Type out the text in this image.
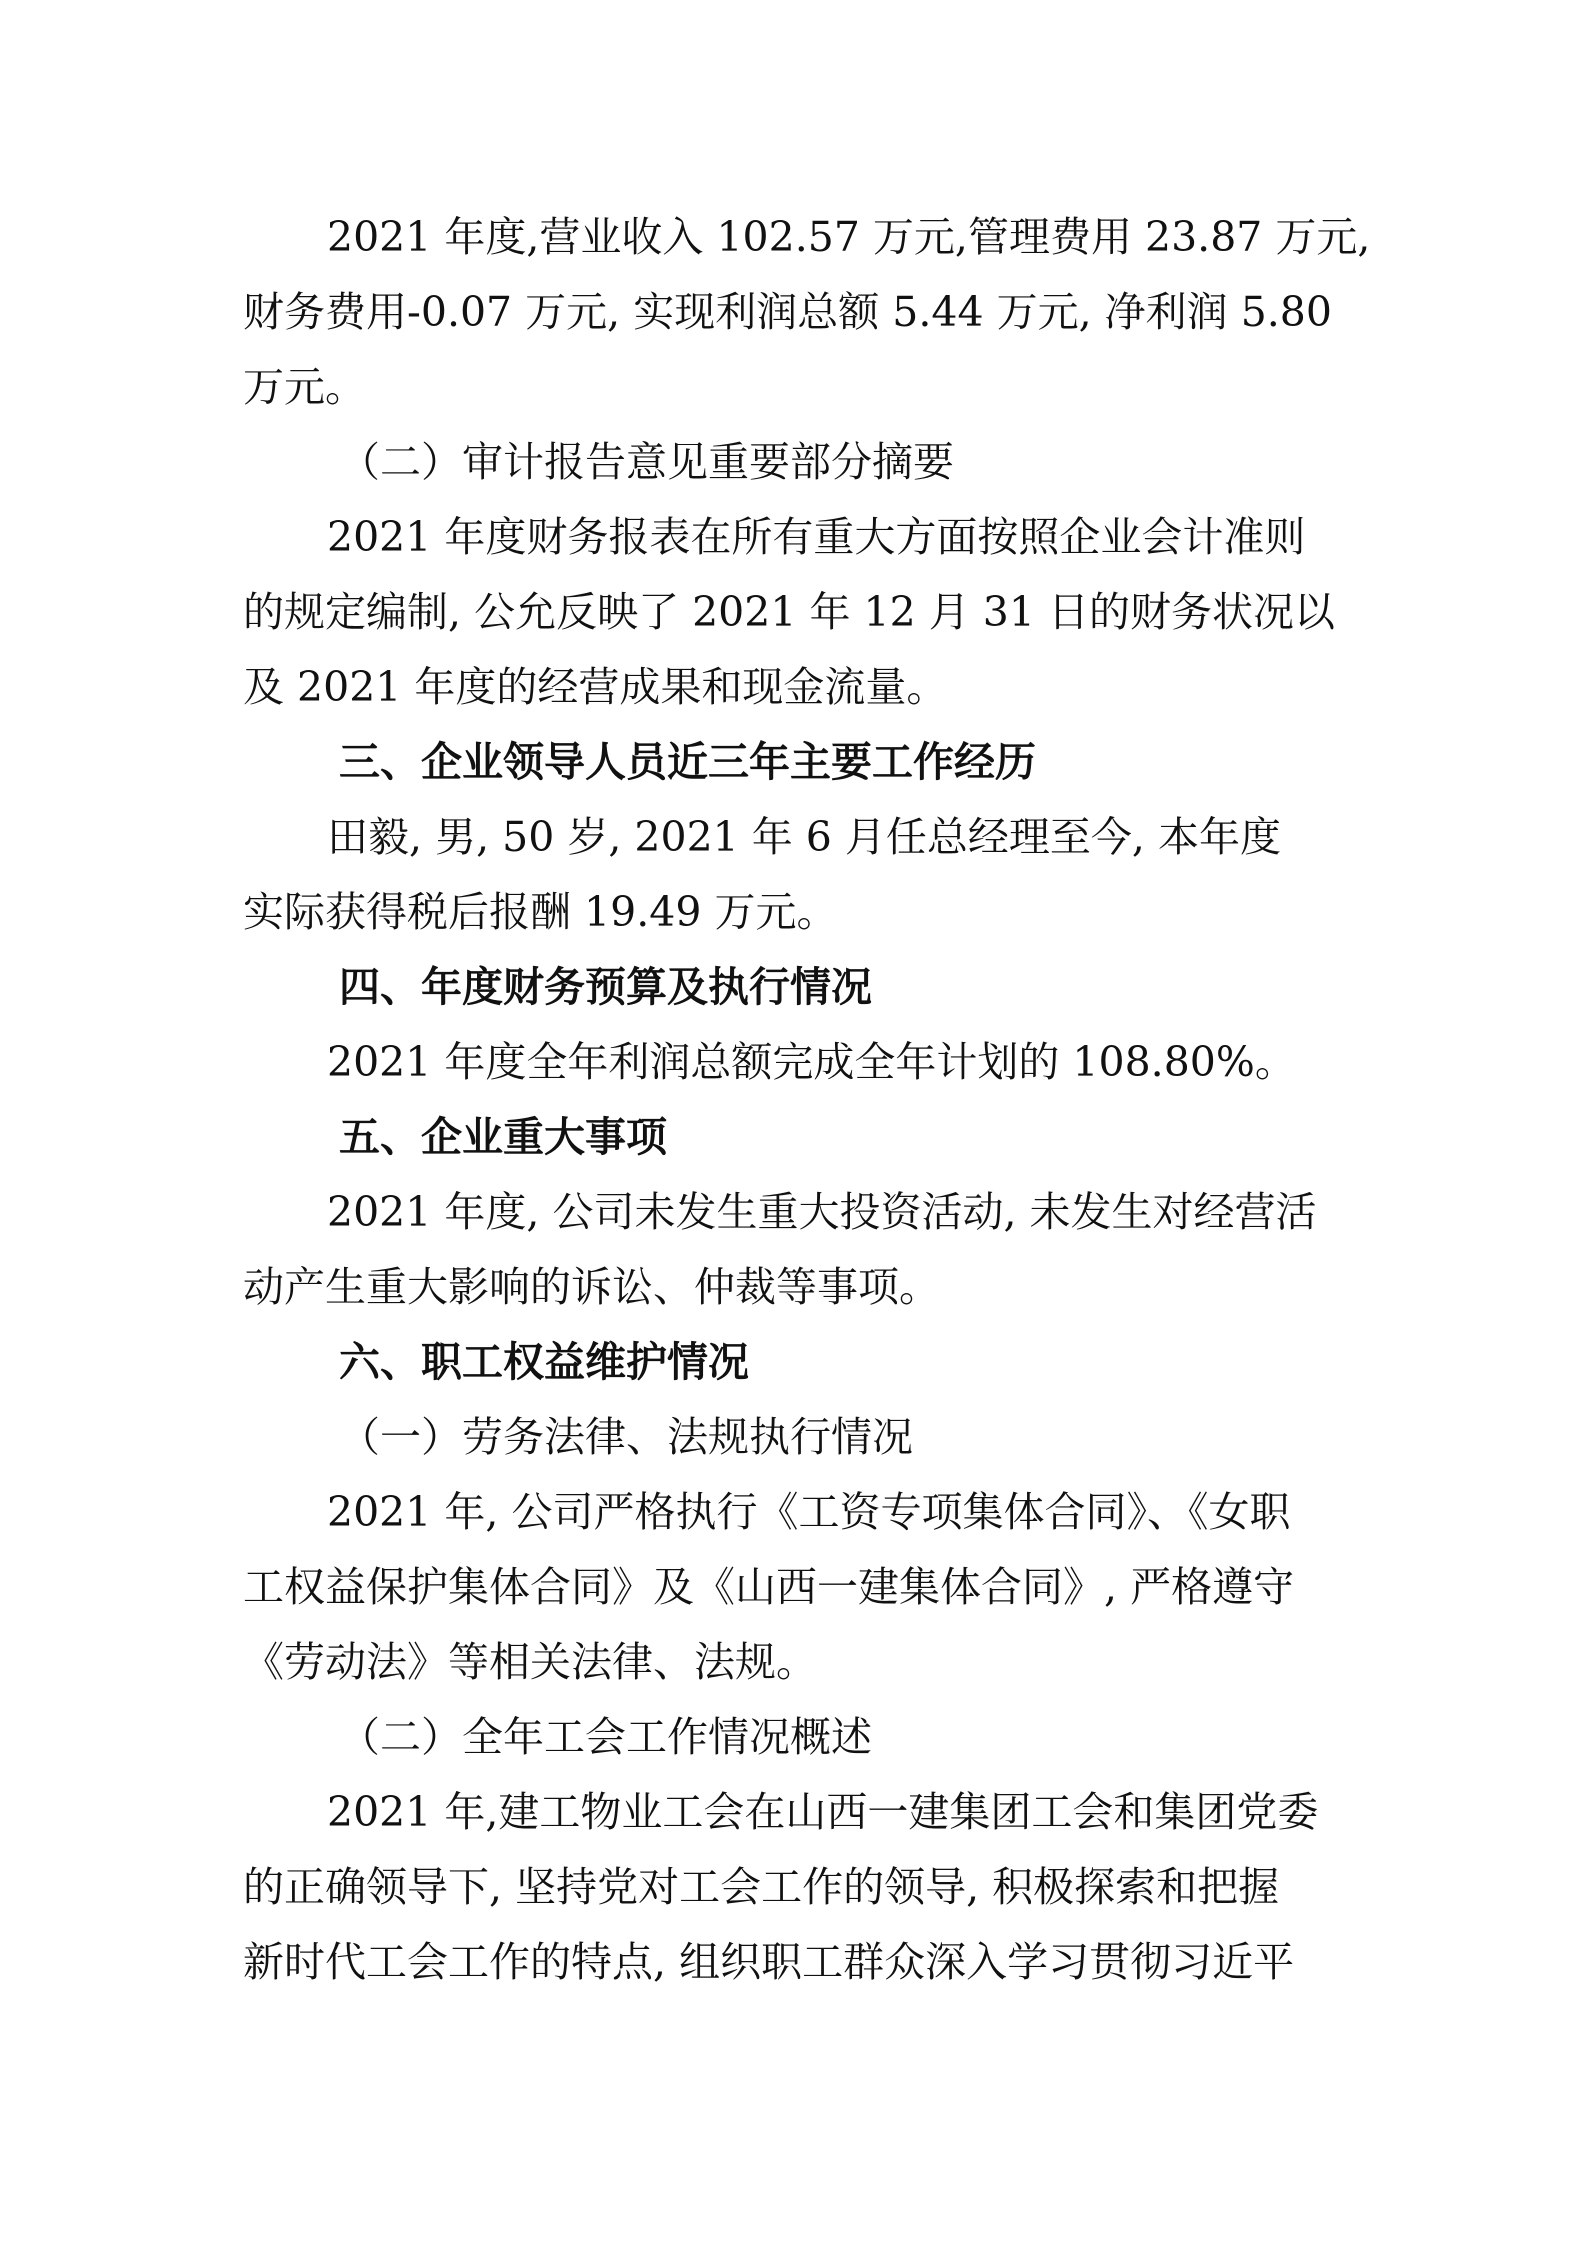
2021 年度,营业收入 102.57 万元,管理费用 23.87 万元,
财务费用-0.07 万元, 实现利润总额 5.44 万元, 净利润 5.80
万元。
（二）审计报告意见重要部分摘要
2021 年度财务报表在所有重大方面按照企业会计准则
的规定编制, 公允反映了 2021 年 12 月 31 日的财务状况以
及 2021 年度的经营成果和现金流量。
三、企业领导人员近三年主要工作经历
田毅, 男, 50 岁, 2021 年 6 月任总经理至今, 本年度
实际获得税后报酬 19.49 万元。
四、年度财务预算及执行情况
2021 年度全年利润总额完成全年计划的 108.80%。
五、企业重大事项
2021 年度, 公司未发生重大投资活动, 未发生对经营活
动产生重大影响的诉讼、仲裁等事项。
六、职工权益维护情况
（一）劳务法律、法规执行情况
2021 年, 公司严格执行《工资专项集体合同》、《女职
工权益保护集体合同》及《山西一建集体合同》, 严格遵守
《劳动法》等相关法律、法规。
（二）全年工会工作情况概述
2021 年,建工物业工会在山西一建集团工会和集团党委
的正确领导下, 坚持党对工会工作的领导, 积极探索和把握
新时代工会工作的特点, 组织职工群众深入学习贯彻习近平
